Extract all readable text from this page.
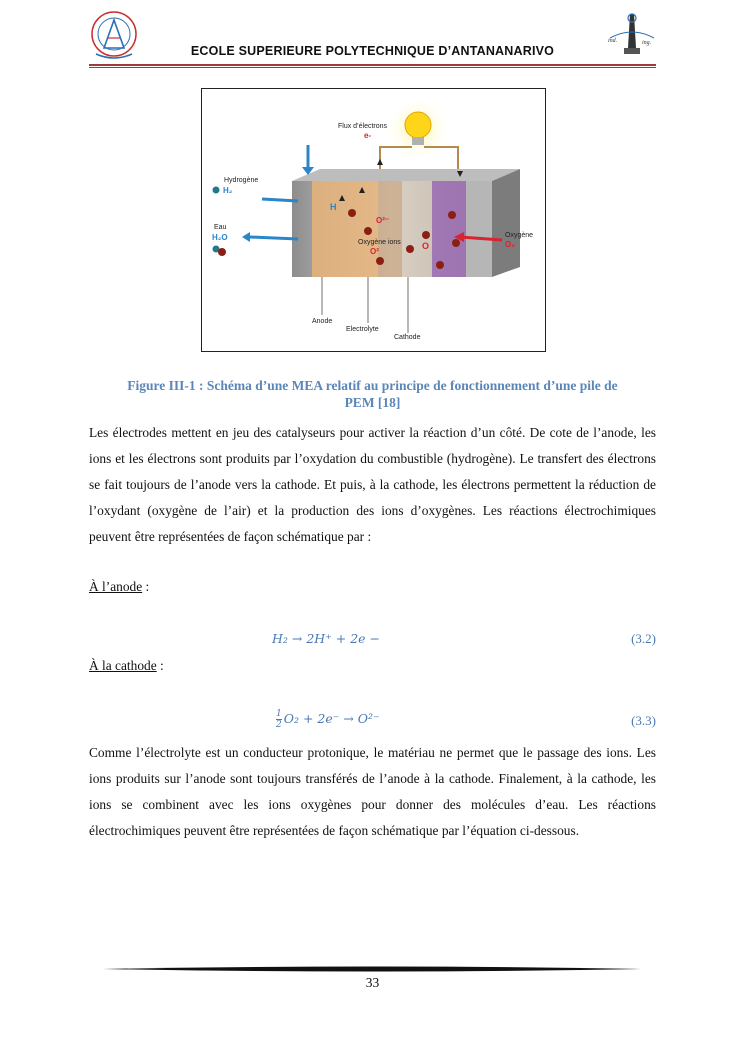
ind.	ing.
ECOLE SUPERIEURE POLYTECHNIQUE D’ANTANANARIVO
Flux d’électrons
e-
O²⁻
Oxygène ions
O²
H
O
Hydrogène
H₂
Eau
H₂O	Oxygène
O₂
Anode
Electrolyte
Cathode
Figure III-1 : Schéma d’une MEA relatif au principe de fonctionnement d’une pile de
PEM [18]
Les électrodes mettent en jeu des catalyseurs pour activer la réaction d’un côté. De cote de l’anode, les ions et les électrons sont produits par l’oxydation du combustible (hydrogène). Le transfert des électrons se fait toujours de l’anode vers la cathode. Et puis, à la cathode, les électrons permettent la réduction de l’oxydant (oxygène de l’air) et la production des ions d’oxygènes. Les réactions électrochimiques peuvent être représentées de façon schématique par :
À l’anode :
H₂ → 2H⁺ + 2e −	(3.2)
À la cathode :
$\frac{1}{2} O_2 + 2e^- \to O^{2-}$	(3.3)
Comme l’électrolyte est un conducteur protonique, le matériau ne permet que le passage des ions. Les ions produits sur l’anode sont toujours transférés de l’anode à la cathode. Finalement, à la cathode, les ions se combinent avec les ions oxygènes pour donner des molécules d’eau. Les réactions électrochimiques peuvent être représentées de façon schématique par l’équation ci-dessous.
33
